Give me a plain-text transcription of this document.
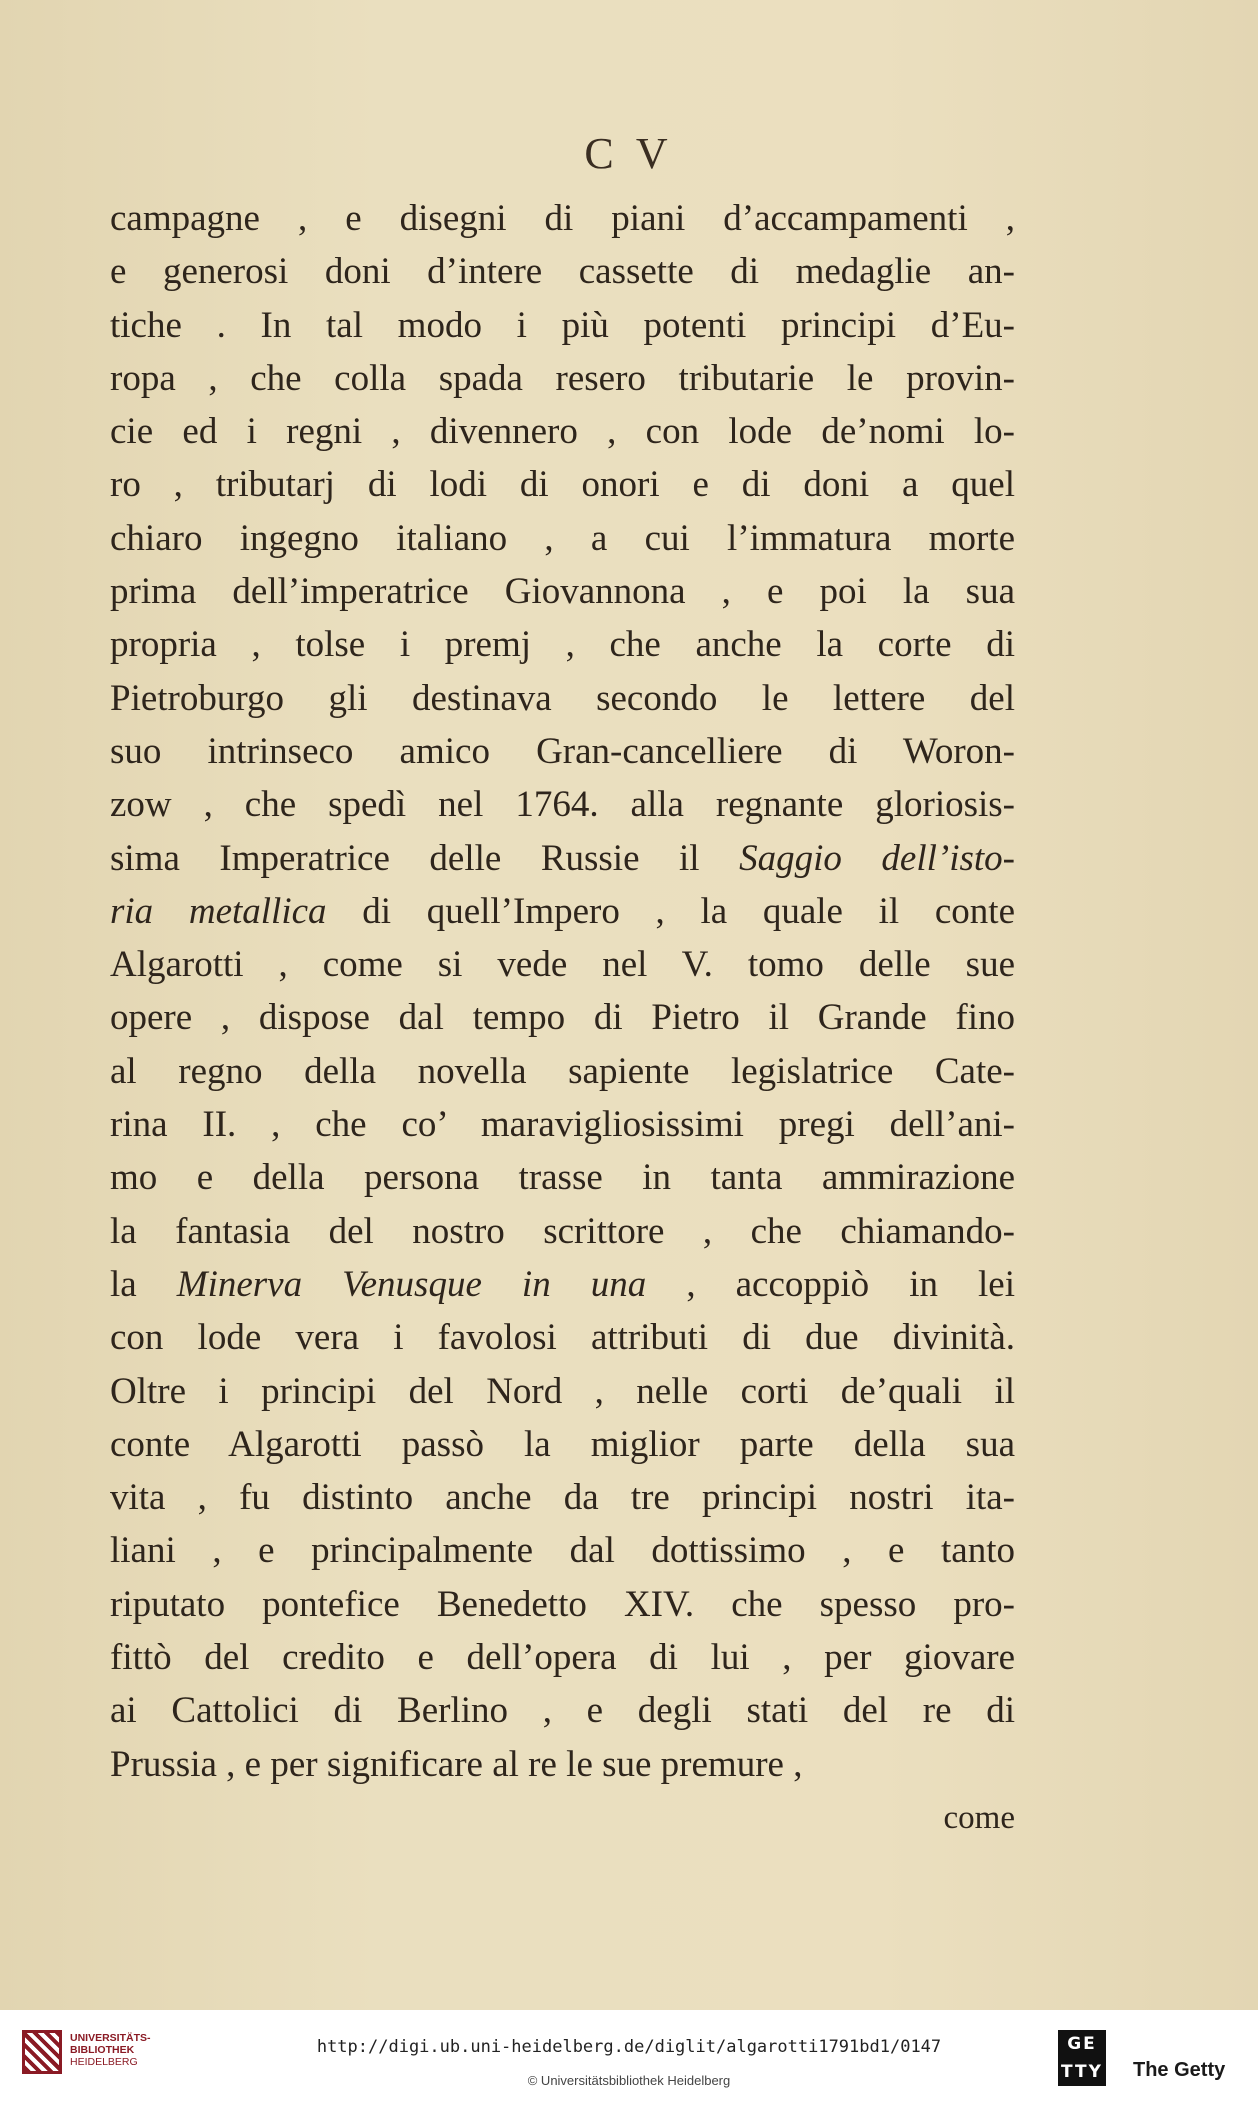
C V
campagne , e disegni di piani d’accampamenti ,
e generosi doni d’intere cassette di medaglie an-
tiche . In tal modo i più potenti principi d’Eu-
ropa , che colla spada resero tributarie le provin-
cie ed i regni , divennero , con lode de’nomi lo-
ro , tributarj di lodi di onori e di doni a quel
chiaro ingegno italiano , a cui l’immatura morte
prima dell’imperatrice Giovannona , e poi la sua
propria , tolse i premj , che anche la corte di
Pietroburgo gli destinava secondo le lettere del
suo intrinseco amico Gran-cancelliere di Woron-
zow , che spedì nel 1764. alla regnante gloriosis-
sima Imperatrice delle Russie il Saggio dell’isto-
ria metallica di quell’Impero , la quale il conte
Algarotti , come si vede nel V. tomo delle sue
opere , dispose dal tempo di Pietro il Grande fino
al regno della novella sapiente legislatrice Cate-
rina II. , che co’ maravigliosissimi pregi dell’ani-
mo e della persona trasse in tanta ammirazione
la fantasia del nostro scrittore , che chiamando-
la Minerva Venusque in una , accoppiò in lei
con lode vera i favolosi attributi di due divinità.
Oltre i principi del Nord , nelle corti de’quali il
conte Algarotti passò la miglior parte della sua
vita , fu distinto anche da tre principi nostri ita-
liani , e principalmente dal dottissimo , e tanto
riputato pontefice Benedetto XIV. che spesso pro-
fittò del credito e dell’opera di lui , per giovare
ai Cattolici di Berlino , e degli stati del re di
Prussia , e per significare al re le sue premure ,
come
UNIVERSITÄTS-
BIBLIOTHEK
HEIDELBERG
http://digi.ub.uni-heidelberg.de/diglit/algarotti1791bd1/0147
© Universitätsbibliothek Heidelberg
GE
TTY The Getty
